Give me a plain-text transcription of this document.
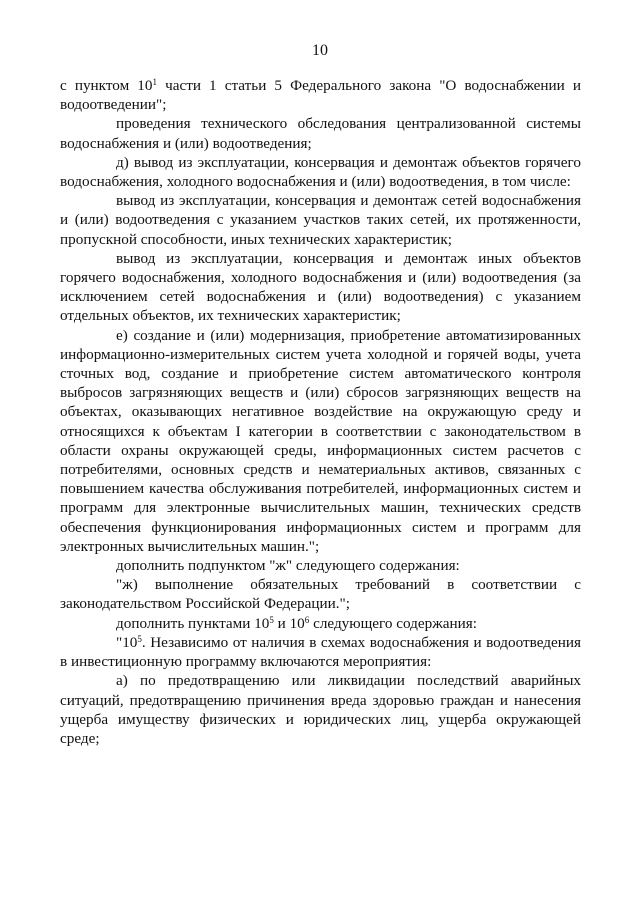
10

с пунктом $10^1$ части 1 статьи 5 Федерального закона "О водоснабжении и водоотведении";

проведения технического обследования централизованной системы водоснабжения и (или) водоотведения;

д) вывод из эксплуатации, консервация и демонтаж объектов горячего водоснабжения, холодного водоснабжения и (или) водоотведения, в том числе:

вывод из эксплуатации, консервация и демонтаж сетей водоснабжения и (или) водоотведения с указанием участков таких сетей, их протяженности, пропускной способности, иных технических характеристик;

вывод из эксплуатации, консервация и демонтаж иных объектов горячего водоснабжения, холодного водоснабжения и (или) водоотведения (за исключением сетей водоснабжения и (или) водоотведения) с указанием отдельных объектов, их технических характеристик;

е) создание и (или) модернизация, приобретение автоматизированных информационно-измерительных систем учета холодной и горячей воды, учета сточных вод, создание и приобретение систем автоматического контроля выбросов загрязняющих веществ и (или) сбросов загрязняющих веществ на объектах, оказывающих негативное воздействие на окружающую среду и относящихся к объектам I категории в соответствии с законодательством в области охраны окружающей среды, информационных систем расчетов с потребителями, основных средств и нематериальных активов, связанных с повышением качества обслуживания потребителей, информационных систем и программ для электронные вычислительных машин, технических средств обеспечения функционирования информационных систем и программ для электронных вычислительных машин.";

дополнить подпунктом "ж" следующего содержания:

"ж) выполнение обязательных требований в соответствии с законодательством Российской Федерации.";

дополнить пунктами $10^5$ и $10^6$ следующего содержания:

"$10^5$. Независимо от наличия в схемах водоснабжения и водоотведения в инвестиционную программу включаются мероприятия:

а) по предотвращению или ликвидации последствий аварийных ситуаций, предотвращению причинения вреда здоровью граждан и нанесения ущерба имуществу физических и юридических лиц, ущерба окружающей среде;
